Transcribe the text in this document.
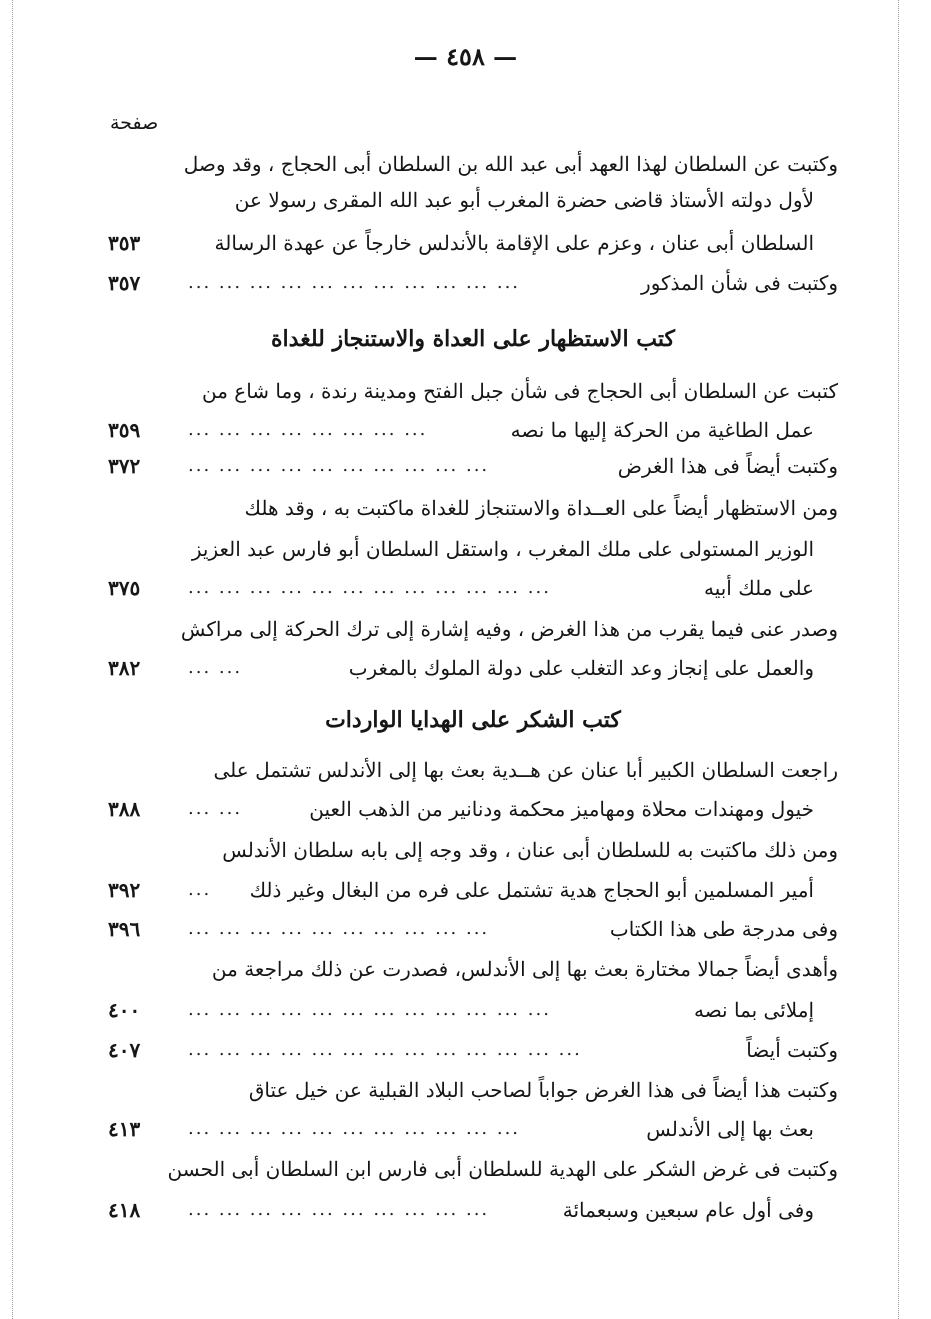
— ٤٥٨ —
صفحة
وكتبت عن السلطان لهذا العهد أبى عبد الله بن السلطان أبى الحجاج ، وقد وصل
لأول دولته الأستاذ قاضى حضرة المغرب أبو عبد الله المقرى رسولا عن
السلطان أبى عنان ، وعزم على الإقامة بالأندلس خارجاً عن عهدة الرسالة
٣٥٣
وكتبت فى شأن المذكور
... ... ... ... ... ... ... ... ... ... ...
٣٥٧
كتب الاستظهار على العداة والاستنجاز للغداة
كتبت عن السلطان أبى الحجاج فى شأن جبل الفتح ومدينة رندة ، وما شاع من
عمل الطاغية من الحركة إليها ما نصه
... ... ... ... ... ... ... ...
٣٥٩
وكتبت أيضاً فى هذا الغرض
... ... ... ... ... ... ... ... ... ...
٣٧٢
ومن الاستظهار أيضاً على العــداة والاستنجاز للغداة ماكتبت به ، وقد هلك
الوزير المستولى على ملك المغرب ، واستقل السلطان أبو فارس عبد العزيز
على ملك أبيه
... ... ... ... ... ... ... ... ... ... ... ...
٣٧٥
وصدر عنى فيما يقرب من هذا الغرض ، وفيه إشارة إلى ترك الحركة إلى مراكش
والعمل على إنجاز وعد التغلب على دولة الملوك بالمغرب
... ...
٣٨٢
كتب الشكر على الهدايا الواردات
راجعت السلطان الكبير أبا عنان عن هــدية بعث بها إلى الأندلس تشتمل على
خيول ومهندات محلاة ومهاميز محكمة ودنانير من الذهب العين
... ...
٣٨٨
ومن ذلك ماكتبت به للسلطان أبى عنان ، وقد وجه إلى بابه سلطان الأندلس
أمير المسلمين أبو الحجاج هدية تشتمل على فره من البغال وغير ذلك
...
٣٩٢
وفى مدرجة طى هذا الكتاب
... ... ... ... ... ... ... ... ... ...
٣٩٦
وأهدى أيضاً جمالا مختارة بعث بها إلى الأندلس، فصدرت عن ذلك مراجعة من
إملائى بما نصه
... ... ... ... ... ... ... ... ... ... ... ...
٤٠٠
وكتبت أيضاً
... ... ... ... ... ... ... ... ... ... ... ... ...
٤٠٧
وكتبت هذا أيضاً فى هذا الغرض جواباً لصاحب البلاد القبلية عن خيل عتاق
بعث بها إلى الأندلس
... ... ... ... ... ... ... ... ... ... ...
٤١٣
وكتبت فى غرض الشكر على الهدية للسلطان أبى فارس ابن السلطان أبى الحسن
وفى أول عام سبعين وسبعمائة
... ... ... ... ... ... ... ... ... ...
٤١٨
